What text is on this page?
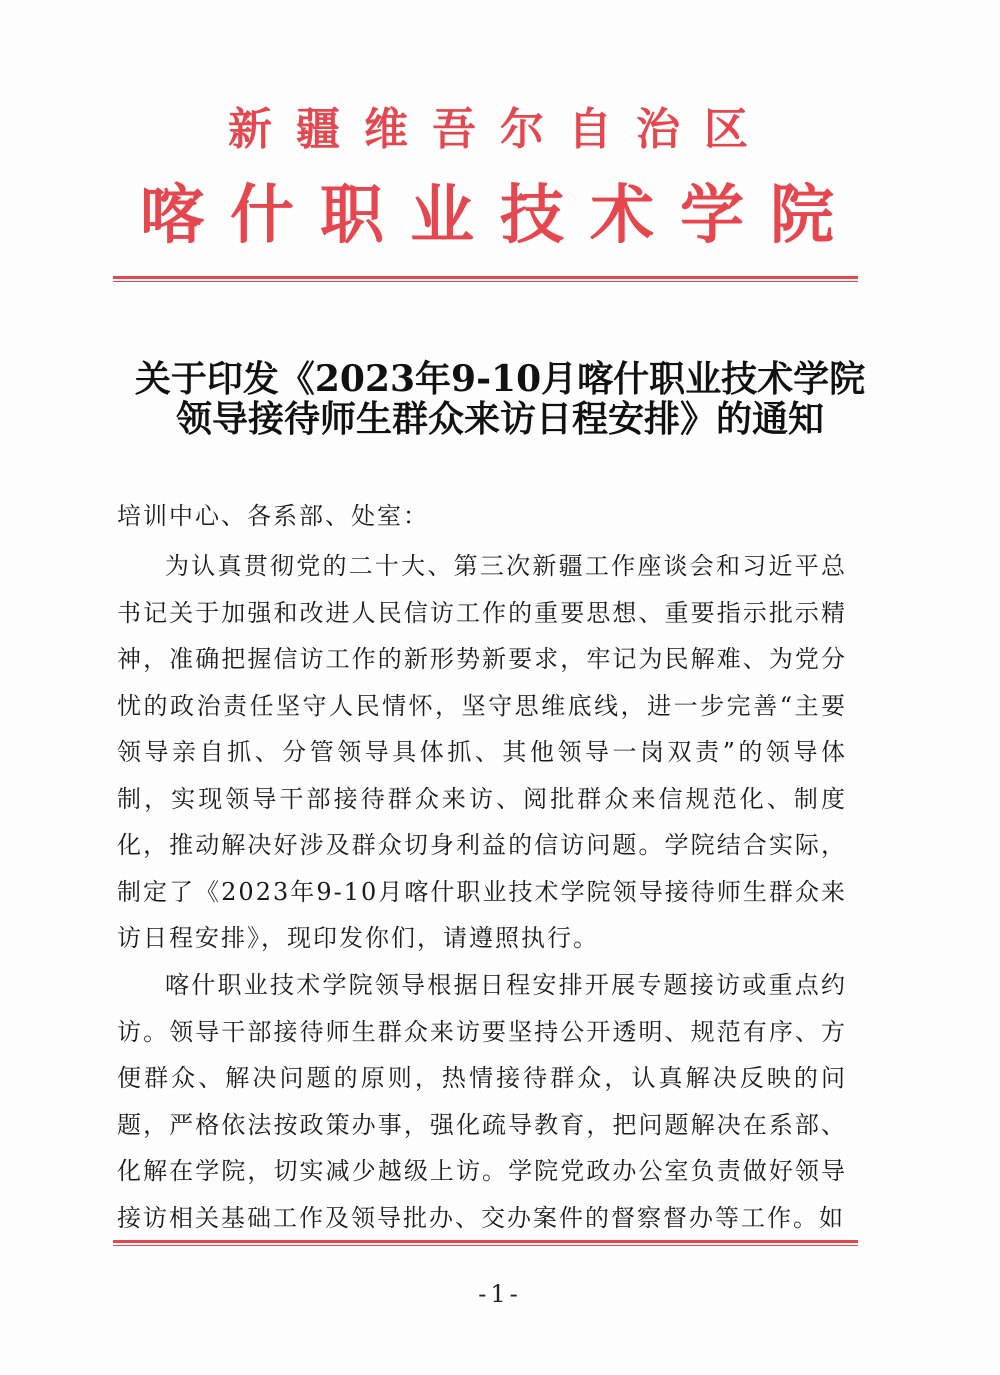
新疆维吾尔自治区
喀什职业技术学院
关于印发《2023年9-10月喀什职业技术学院
领导接待师生群众来访日程安排》的通知
培训中心、各系部、处室：
为认真贯彻党的二十大、第三次新疆工作座谈会和习近平总书记关于加强和改进人民信访工作的重要思想、重要指示批示精神，准确把握信访工作的新形势新要求，牢记为民解难、为党分忧的政治责任坚守人民情怀，坚守思维底线，进一步完善“主要领导亲自抓、分管领导具体抓、其他领导一岗双责”的领导体制，实现领导干部接待群众来访、阅批群众来信规范化、制度化，推动解决好涉及群众切身利益的信访问题。学院结合实际，制定了《2023年9-10月喀什职业技术学院领导接待师生群众来访日程安排》，现印发你们，请遵照执行。
喀什职业技术学院领导根据日程安排开展专题接访或重点约访。领导干部接待师生群众来访要坚持公开透明、规范有序、方便群众、解决问题的原则，热情接待群众，认真解决反映的问题，严格依法按政策办事，强化疏导教育，把问题解决在系部、化解在学院，切实减少越级上访。学院党政办公室负责做好领导接访相关基础工作及领导批办、交办案件的督察督办等工作。如
-1-
